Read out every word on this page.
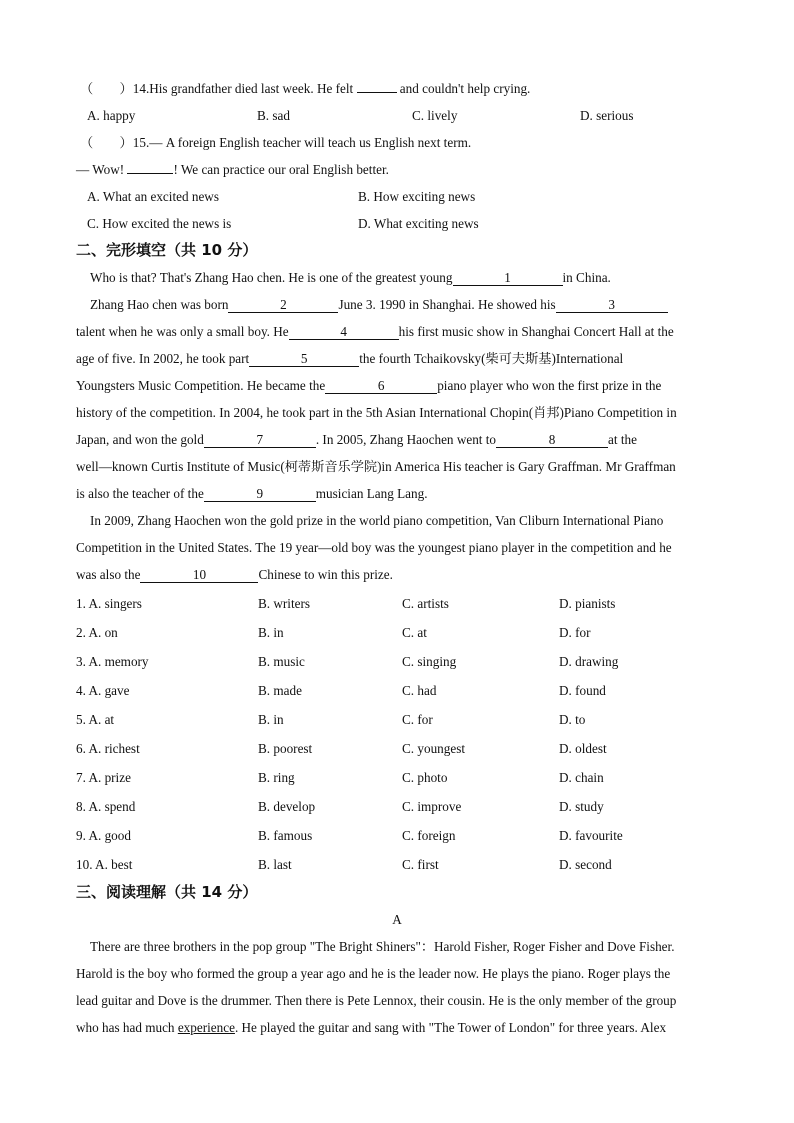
（　　）14.His grandfather died last week. He felt	and couldn't help crying.
A. happy	B. sad	C. lively	D. serious
（　　）15.— A foreign English teacher will teach us English next term.
— Wow!	! We can practice our oral English better.
A. What an excited news	B. How exciting news
C. How excited the news is	D. What exciting news
二、完形填空（共 10 分）
Who is that? That's Zhang Hao chen. He is one of the greatest young	1	in China.
Zhang Hao chen was born	2	June 3. 1990 in Shanghai. He showed his	3
talent when he was only a small boy. He	4	his first music show in Shanghai Concert Hall at the
age of five. In 2002, he took part	5	the fourth Tchaikovsky(柴可夫斯基)International
Youngsters Music Competition. He became the	6	piano player who won the first prize in the
history of the competition. In 2004, he took part in the 5th Asian International Chopin(肖邦)Piano Competition in
Japan, and won the gold	7	. In 2005, Zhang Haochen went to	8	at the
well—known Curtis Institute of Music(柯蒂斯音乐学院)in America His teacher is Gary Graffman. Mr Graffman
is also the teacher of the	9	musician Lang Lang.
In 2009, Zhang Haochen won the gold prize in the world piano competition, Van Cliburn International Piano
Competition in the United States. The 19 year—old boy was the youngest piano player in the competition and he
was also the	10	Chinese to win this prize.
1. A. singers	B. writers	C. artists	D. pianists
2. A. on	B. in	C. at	D. for
3. A. memory	B. music	C. singing	D. drawing
4. A. gave	B. made	C. had	D. found
5. A. at	B. in	C. for	D. to
6. A. richest	B. poorest	C. youngest	D. oldest
7. A. prize	B. ring	C. photo	D. chain
8. A. spend	B. develop	C. improve	D. study
9. A. good	B. famous	C. foreign	D. favourite
10. A. best	B. last	C. first	D. second
三、阅读理解（共 14 分）
A
There are three brothers in the pop group "The Bright Shiners"：Harold Fisher, Roger Fisher and Dove Fisher.
Harold is the boy who formed the group a year ago and he is the leader now. He plays the piano. Roger plays the
lead guitar and Dove is the drummer. Then there is Pete Lennox, their cousin. He is the only member of the group
who has had much experience. He played the guitar and sang with "The Tower of London" for three years. Alex
